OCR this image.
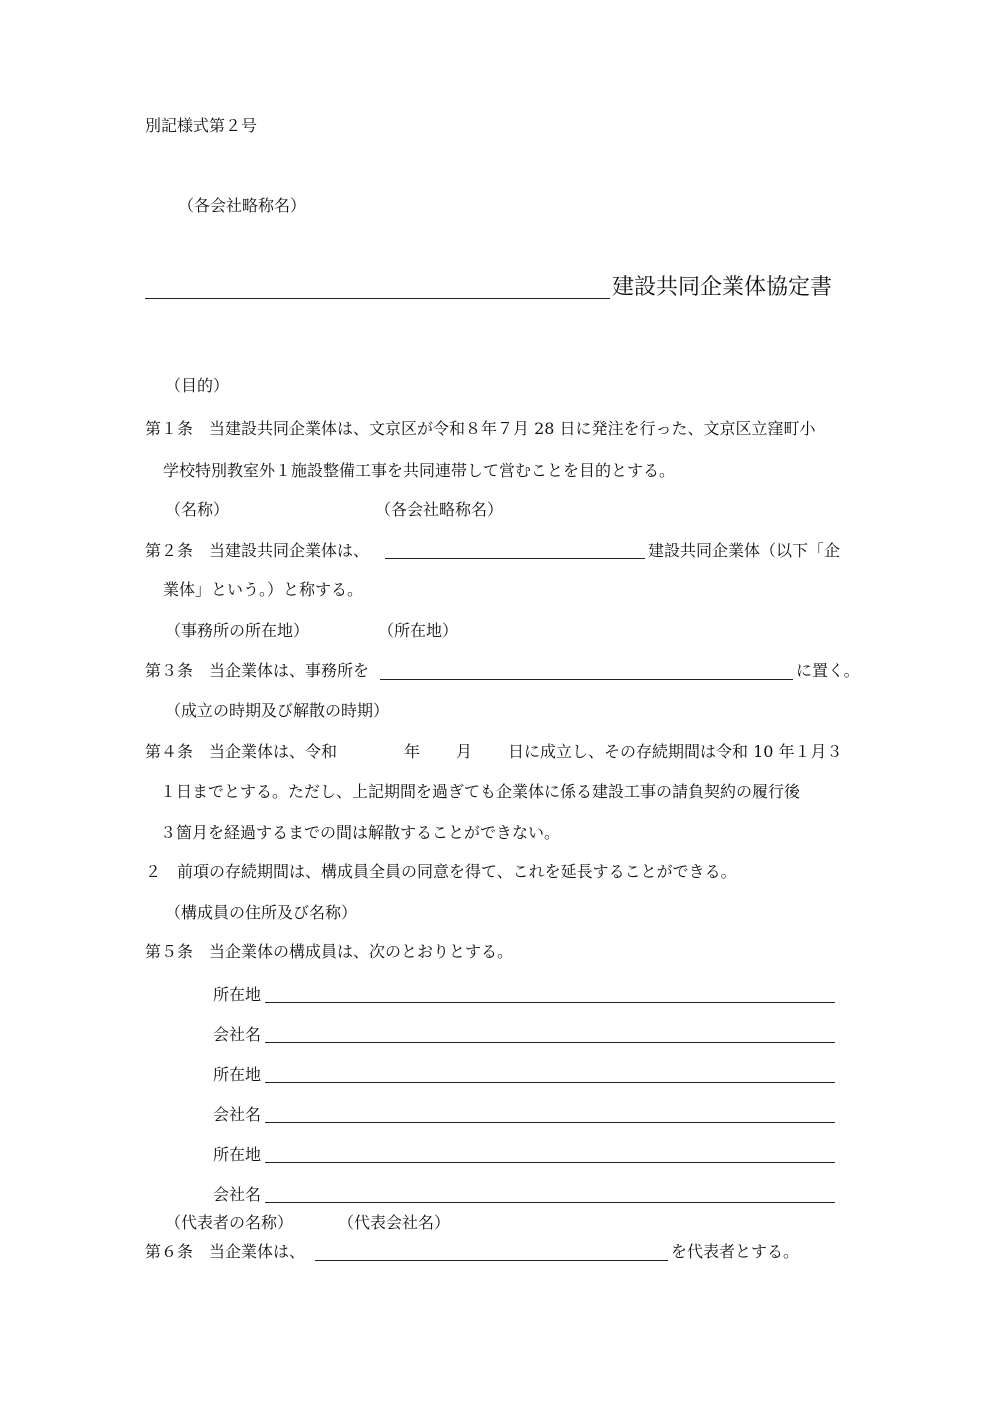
別記様式第２号
（各会社略称名）
建設共同企業体協定書
（目的）
第１条　当建設共同企業体は、文京区が令和８年７月 28 日に発注を行った、文京区立窪町小
学校特別教室外１施設整備工事を共同連帯して営むことを目的とする。
（名称）	（各会社略称名）
第２条　当建設共同企業体は、	建設共同企業体（以下「企
業体」という。）と称する。
（事務所の所在地）	（所在地）
第３条　当企業体は、事務所を	に置く。
（成立の時期及び解散の時期）
第４条　当企業体は、令和	年 月 日に成立し、その存続期間は令和 10 年１月３
１日までとする。ただし、上記期間を過ぎても企業体に係る建設工事の請負契約の履行後
３箇月を経過するまでの間は解散することができない。
２　前項の存続期間は、構成員全員の同意を得て、これを延長することができる。
（構成員の住所及び名称）
第５条　当企業体の構成員は、次のとおりとする。
所在地
会社名
所在地
会社名
所在地
会社名
（代表者の名称）	（代表会社名）
第６条　当企業体は、	を代表者とする。
